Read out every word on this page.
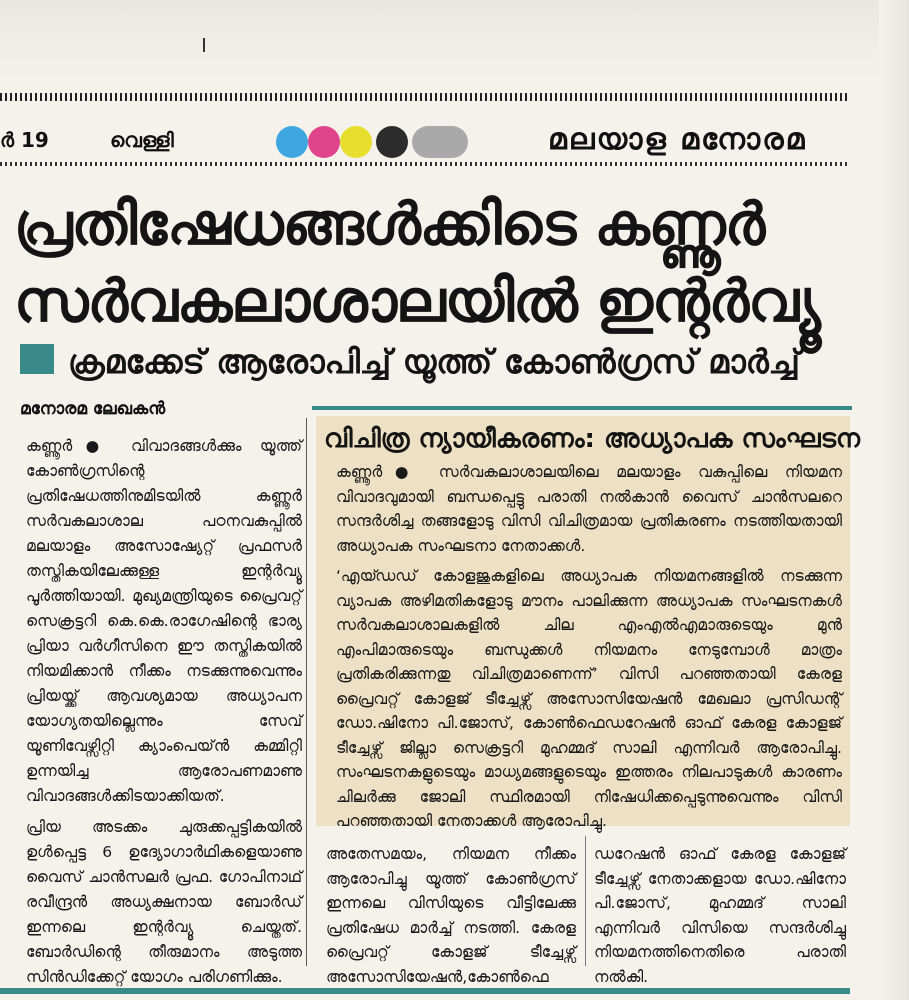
ർ 19	വെള്ളി	മലയാള മനോരമ
പ്രതിഷേധങ്ങൾക്കിടെ കണ്ണൂർ
സർവകലാശാലയിൽ ഇന്റർവ്യൂ
ക്രമക്കേട് ആരോപിച്ച് യൂത്ത് കോൺഗ്രസ് മാർച്ച്
മനോരമ ലേഖകൻ

കണ്ണൂർ● വിവാദങ്ങൾക്കും യൂത്ത് കോൺഗ്രസിന്റെ പ്രതിഷേധത്തിനുമിടയിൽ കണ്ണൂർ സർവകലാശാല പഠനവകുപ്പിൽ മലയാളം അസോഷ്യേറ്റ് പ്രഫസർ തസ്തികയിലേക്കുള്ള ഇന്റർവ്യൂ പൂർത്തിയായി. മുഖ്യമന്ത്രിയുടെ പ്രൈവറ്റ് സെക്രട്ടറി കെ.കെ.രാഗേഷിന്റെ ഭാര്യ പ്രിയാ വർഗീസിനെ ഈ തസ്തികയിൽ നിയമിക്കാൻ നീക്കം നടക്കുന്നുവെന്നും പ്രിയയ്ക്ക് ആവശ്യമായ അധ്യാപന യോഗ്യതയില്ലെന്നും സേവ് യൂണിവേഴ്സിറ്റി ക്യാംപെയ്ൻ കമ്മിറ്റി ഉന്നയിച്ച ആരോപണമാണു വിവാദങ്ങൾക്കിടയാക്കിയത്.

പ്രിയ അടക്കം ചുരുക്കപ്പട്ടികയിൽ ഉൾപ്പെട്ട 6 ഉദ്യോഗാർഥികളെയാണു വൈസ് ചാൻസലർ പ്രഫ. ഗോപിനാഥ് രവീന്ദ്രൻ അധ്യക്ഷനായ ബോർഡ് ഇന്നലെ ഇന്റർവ്യൂ ചെയ്തത്. ബോർഡിന്റെ തീരുമാനം അടുത്ത സിൻഡിക്കേറ്റ് യോഗം പരിഗണിക്കും.

വിചിത്ര ന്യായീകരണം: അധ്യാപക സംഘടന

കണ്ണൂർ● സർവകലാശാലയിലെ മലയാളം വകുപ്പിലെ നിയമന വിവാദവുമായി ബന്ധപ്പെട്ടു പരാതി നൽകാൻ വൈസ് ചാൻസലറെ സന്ദർശിച്ച തങ്ങളോടു വിസി വിചിത്രമായ പ്രതികരണം നടത്തിയതായി അധ്യാപക സംഘടനാ നേതാക്കൾ.

‘എയ്ഡഡ് കോളജുകളിലെ അധ്യാപക നിയമനങ്ങളിൽ നടക്കുന്ന വ്യാപക അഴിമതികളോടു മൗനം പാലിക്കുന്ന അധ്യാപക സംഘടനകൾ സർവകലാശാലകളിൽ ചില എംഎൽഎമാരുടെയും മുൻ എംപിമാരുടെയും ബന്ധുക്കൾ നിയമനം നേടുമ്പോൾ മാത്രം പ്രതികരിക്കുന്നതു വിചിത്രമാണെന്ന്’ വിസി പറഞ്ഞതായി കേരള പ്രൈവറ്റ് കോളജ് ടീച്ചേഴ്സ് അസോസിയേഷൻ മേഖലാ പ്രസിഡന്റ് ഡോ.ഷിനോ പി.ജോസ്, കോൺഫെഡറേഷൻ ഓഫ് കേരള കോളജ് ടീച്ചേഴ്സ് ജില്ലാ സെക്രട്ടറി മുഹമ്മദ് സാലി എന്നിവർ ആരോപിച്ചു. സംഘടനകളുടെയും മാധ്യമങ്ങളുടെയും ഇത്തരം നിലപാടുകൾ കാരണം ചിലർക്കു ജോലി സ്ഥിരമായി നിഷേധിക്കപ്പെടുന്നുവെന്നും വിസി പറഞ്ഞതായി നേതാക്കൾ ആരോപിച്ചു.

അതേസമയം, നിയമന നീക്കം ആരോപിച്ചു യൂത്ത് കോൺഗ്രസ് ഇന്നലെ വിസിയുടെ വീട്ടിലേക്കു പ്രതിഷേധ മാർച്ച് നടത്തി. കേരള പ്രൈവറ്റ് കോളജ് ടീച്ചേഴ്സ് അസോസിയേഷൻ,കോൺഫെ

ഡറേഷൻ ഓഫ് കേരള കോളജ് ടീച്ചേഴ്സ് നേതാക്കളായ ഡോ.ഷിനോ പി.ജോസ്, മുഹമ്മദ് സാലി എന്നിവർ വിസിയെ സന്ദർശിച്ചു നിയമനത്തിനെതിരെ പരാതി നൽകി.
